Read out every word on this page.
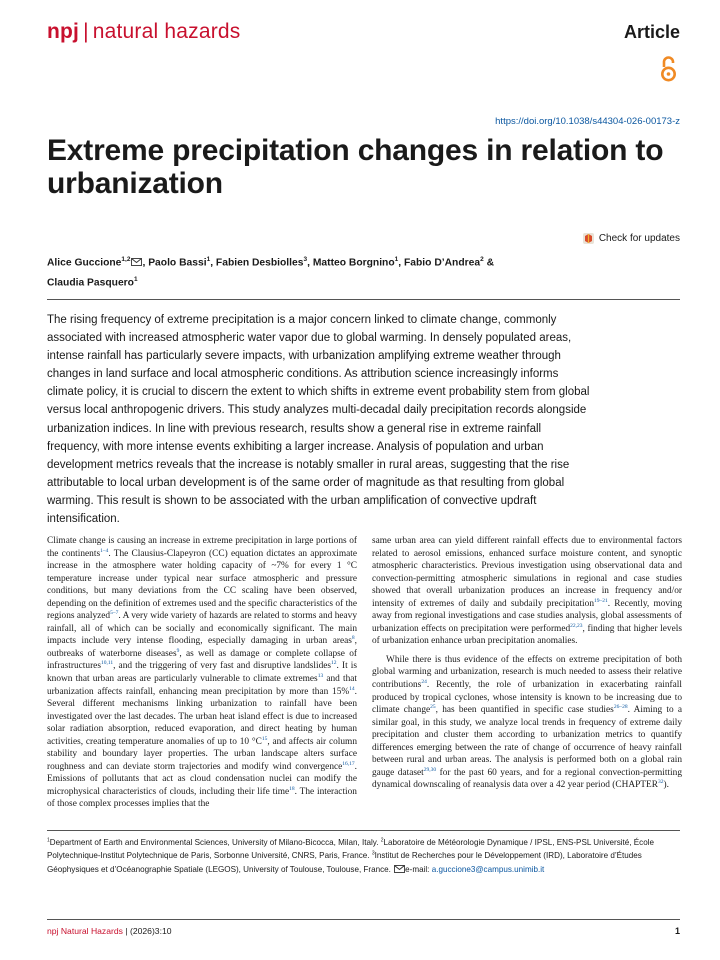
npj | natural hazards	Article
https://doi.org/10.1038/s44304-026-00173-z
Extreme precipitation changes in relation to urbanization
Check for updates
Alice Guccione$^{1,2}$ , Paolo Bassi$^1$, Fabien Desbiolles$^3$, Matteo Borgnino$^1$, Fabio D’Andrea$^2$ &
Claudia Pasquero$^1$

The rising frequency of extreme precipitation is a major concern linked to climate change, commonly associated with increased atmospheric water vapor due to global warming. In densely populated areas, intense rainfall has particularly severe impacts, with urbanization amplifying extreme weather through changes in land surface and local atmospheric conditions. As attribution science increasingly informs climate policy, it is crucial to discern the extent to which shifts in extreme event probability stem from global versus local anthropogenic drivers. This study analyzes multi-decadal daily precipitation records alongside urbanization indices. In line with previous research, results show a general rise in extreme rainfall frequency, with more intense events exhibiting a larger increase. Analysis of population and urban development metrics reveals that the increase is notably smaller in rural areas, suggesting that the rise attributable to local urban development is of the same order of magnitude as that resulting from global warming. This result is shown to be associated with the urban amplification of convective updraft intensification.

Climate change is causing an increase in extreme precipitation in large portions of the continents$^{1-4}$. The Clausius-Clapeyron (CC) equation dictates an approximate increase in the atmosphere water holding capacity of ~7% for every 1 °C temperature increase under typical near surface atmospheric and pressure conditions, but many deviations from the CC scaling have been observed, depending on the definition of extremes used and the specific characteristics of the regions analyzed$^{5-7}$. A very wide variety of hazards are related to storms and heavy rainfall, all of which can be socially and economically significant. The main impacts include very intense flooding, especially damaging in urban areas$^8$, outbreaks of waterborne diseases$^9$, as well as damage or complete collapse of infrastructures$^{10,11}$, and the triggering of very fast and disruptive landslides$^{12}$. It is known that urban areas are particularly vulnerable to climate extremes$^{13}$ and that urbanization affects rainfall, enhancing mean precipitation by more than 15%$^{14}$. Several different mechanisms linking urbanization to rainfall have been investigated over the last decades. The urban heat island effect is due to increased solar radiation absorption, reduced evaporation, and direct heating by human activities, creating temperature anomalies of up to 10 $^\circ C^{15}$, and affects air column stability and boundary layer properties. The urban landscape alters surface roughness and can deviate storm trajectories and modify wind convergence$^{16,17}$. Emissions of pollutants that act as cloud condensation nuclei can modify the microphysical characteristics of clouds, including their life time$^{18}$. The interaction of those complex processes implies that the

same urban area can yield different rainfall effects due to environmental factors related to aerosol emissions, enhanced surface moisture content, and synoptic atmospheric characteristics. Previous investigation using observational data and convection-permitting atmospheric simulations in regional and case studies showed that overall urbanization produces an increase in frequency and/or intensity of extremes of daily and subdaily precipitation$^{19-21}$. Recently, moving away from regional investigations and case studies analysis, global assessments of urbanization effects on precipitation were performed$^{22,23}$, finding that higher levels of urbanization enhance urban precipitation anomalies.

While there is thus evidence of the effects on extreme precipitation of both global warming and urbanization, research is much needed to assess their relative contributions$^{24}$. Recently, the role of urbanization in exacerbating rainfall produced by tropical cyclones, whose intensity is known to be increasing due to climate change$^{25}$, has been quantified in specific case studies$^{26-28}$. Aiming to a similar goal, in this study, we analyze local trends in frequency of extreme daily precipitation and cluster them according to urbanization metrics to quantify differences emerging between the rate of change of occurrence of heavy rainfall between rural and urban areas. The analysis is performed both on a global rain gauge dataset$^{29,30}$ for the past 60 years, and for a regional convection-permitting dynamical downscaling of reanalysis data over a 42 year period (CHAPTER$^{32}$).

$^1$Department of Earth and Environmental Sciences, University of Milano-Bicocca, Milan, Italy. $^2$Laboratoire de Météorologie Dynamique / IPSL, ENS-PSL Université, École Polytechnique-Institut Polytechnique de Paris, Sorbonne Université, CNRS, Paris, France. $^3$Institut de Recherches pour le Développement (IRD), Laboratoire d’Études Géophysiques et d’Océanographie Spatiale (LEGOS), University of Toulouse, Toulouse, France. e-mail: a.guccione3@campus.unimib.it

npj Natural Hazards | (2026)3:10	1
